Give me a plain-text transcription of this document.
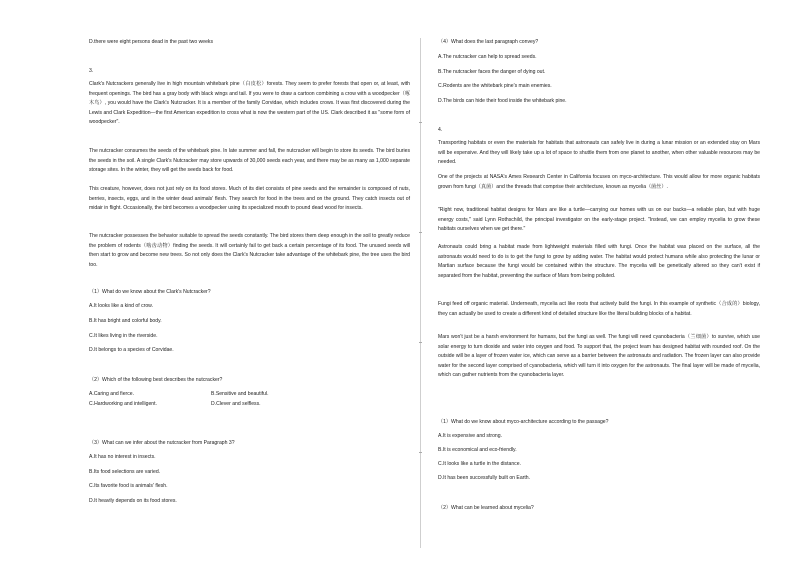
D.there were eight persons dead in the past two weeks

3.

Clark's Nutcrackers generally live in high mountain whitebark pine（白皮松）forests. They seem to prefer forests that open or, at least, with frequent openings. The bird has a gray body with black wings and tail. If you were to draw a cartoon combining a crow with a woodpecker（啄木鸟）, you would have the Clark's Nutcracker. It is a member of the family Corvidae, which includes crows. It was first discovered during the Lewis and Clark Expedition—the first American expedition to cross what is now the western part of the US. Clark described it as "some form of woodpecker".

The nutcracker consumes the seeds of the whitebark pine. In late summer and fall, the nutcracker will begin to store its seeds. The bird buries the seeds in the soil. A single Clark's Nutcracker may store upwards of 30,000 seeds each year, and there may be as many as 1,000 separate storage sites. In the winter, they will get the seeds back for food.

This creature, however, does not just rely on its food stores. Much of its diet consists of pine seeds and the remainder is composed of nuts, berries, insects, eggs, and in the winter dead animals' flesh. They search for food in the trees and on the ground. They catch insects out of midair in flight. Occasionally, the bird becomes a woodpecker using its specialized mouth to pound dead wood for insects.

The nutcracker possesses the behavior suitable to spread the seeds constantly. The bird stores them deep enough in the soil to greatly reduce the problem of rodents（啮齿动物）finding the seeds. It will certainly fail to get back a certain percentage of its food. The unused seeds will then start to grow and become new trees. So not only does the Clark's Nutcracker take advantage of the whitebark pine, the tree uses the bird too.

（1）What do we know about the Clark's Nutcracker?

A.It looks like a kind of crow.

B.It has bright and colorful body.

C.It likes living in the riverside.

D.It belongs to a species of Corvidae.

（2）Which of the following best describes the nutcracker?

A.Caring and fierce.	B.Sensitive and beautiful.
C.Hardworking and intelligent.	D.Clever and selfless.

（3）What can we infer about the nutcracker from Paragraph 3?

A.It has no interest in insects.

B.Its food selections are varied.

C.Its favorite food is animals' flesh.

D.It heavily depends on its food stores.

（4）What does the last paragraph convey?

A.The nutcracker can help to spread seeds.

B.The nutcracker faces the danger of dying out.

C.Rodents are the whitebark pine's main enemies.

D.The birds can hide their food inside the whitebark pine.

4.

Transporting habitats or even the materials for habitats that astronauts can safely live in during a lunar mission or an extended stay on Mars will be expensive. And they will likely take up a lot of space to shuttle them from one planet to another, when other valuable resources may be needed.

One of the projects at NASA's Ames Research Center in California focuses on myco-architecture. This would allow for more organic habitats grown from fungi（真菌）and the threads that comprise their architecture, known as mycelia（菌丝）.

"Right now, traditional habitat designs for Mars are like a turtle—carrying our homes with us on our backs—a reliable plan, but with huge energy costs," said Lynn Rothschild, the principal investigator on the early-stage project. "Instead, we can employ mycelia to grow these habitats ourselves when we get there."

Astronauts could bring a habitat made from lightweight materials filled with fungi. Once the habitat was placed on the surface, all the astronauts would need to do is to get the fungi to grow by adding water. The habitat would protect humans while also protecting the lunar or Martian surface because the fungi would be contained within the structure. The mycelia will be genetically altered so they can't exist if separated from the habitat, preventing the surface of Mars from being polluted.

Fungi feed off organic material. Underneath, mycelia act like roots that actively build the fungi. In this example of synthetic（合成的）biology, they can actually be used to create a different kind of detailed structure like the literal building blocks of a habitat.

Mars won't just be a harsh environment for humans, but the fungi as well. The fungi will need cyanobacteria（兰细菌）to survive, which use solar energy to turn dioxide and water into oxygen and food. To support that, the project team has designed habitat with rounded roof. On the outside will be a layer of frozen water ice, which can serve as a barrier between the astronauts and radiation. The frozen layer can also provide water for the second layer comprised of cyanobacteria, which will turn it into oxygen for the astronauts. The final layer will be made of mycelia, which can gather nutrients from the cyanobacteria layer.

（1）What do we know about myco-architecture according to the passage?

A.It is expensive and strong.

B.It is economical and eco-friendly.

C.It looks like a turtle in the distance.

D.It has been successfully built on Earth.

（2）What can be learned about mycelia?
